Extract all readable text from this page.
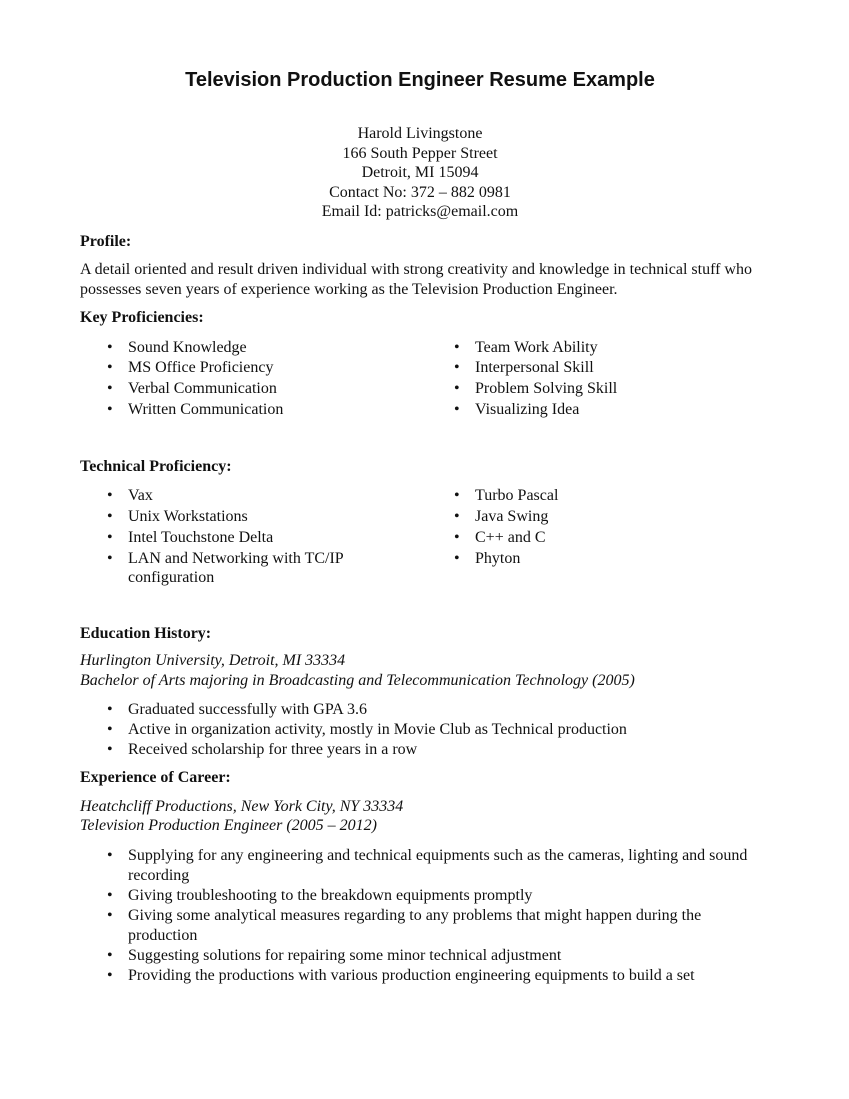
Television Production Engineer Resume Example
Harold Livingstone
166 South Pepper Street
Detroit, MI 15094
Contact No: 372 – 882 0981
Email Id: patricks@email.com
Profile:
A detail oriented and result driven individual with strong creativity and knowledge in technical stuff who possesses seven years of experience working as the Television Production Engineer.
Key Proficiencies:
• Sound Knowledge
• MS Office Proficiency
• Verbal Communication
• Written Communication
• Team Work Ability
• Interpersonal Skill
• Problem Solving Skill
• Visualizing Idea
Technical Proficiency:
• Vax
• Unix Workstations
• Intel Touchstone Delta
• LAN and Networking with TC/IP configuration
• Turbo Pascal
• Java Swing
• C++ and C
• Phyton
Education History:
Hurlington University, Detroit, MI 33334
Bachelor of Arts majoring in Broadcasting and Telecommunication Technology (2005)
• Graduated successfully with GPA 3.6
• Active in organization activity, mostly in Movie Club as Technical production
• Received scholarship for three years in a row
Experience of Career:
Heatchcliff Productions, New York City, NY 33334
Television Production Engineer (2005 – 2012)
• Supplying for any engineering and technical equipments such as the cameras, lighting and sound recording
• Giving troubleshooting to the breakdown equipments promptly
• Giving some analytical measures regarding to any problems that might happen during the production
• Suggesting solutions for repairing some minor technical adjustment
• Providing the productions with various production engineering equipments to build a set
